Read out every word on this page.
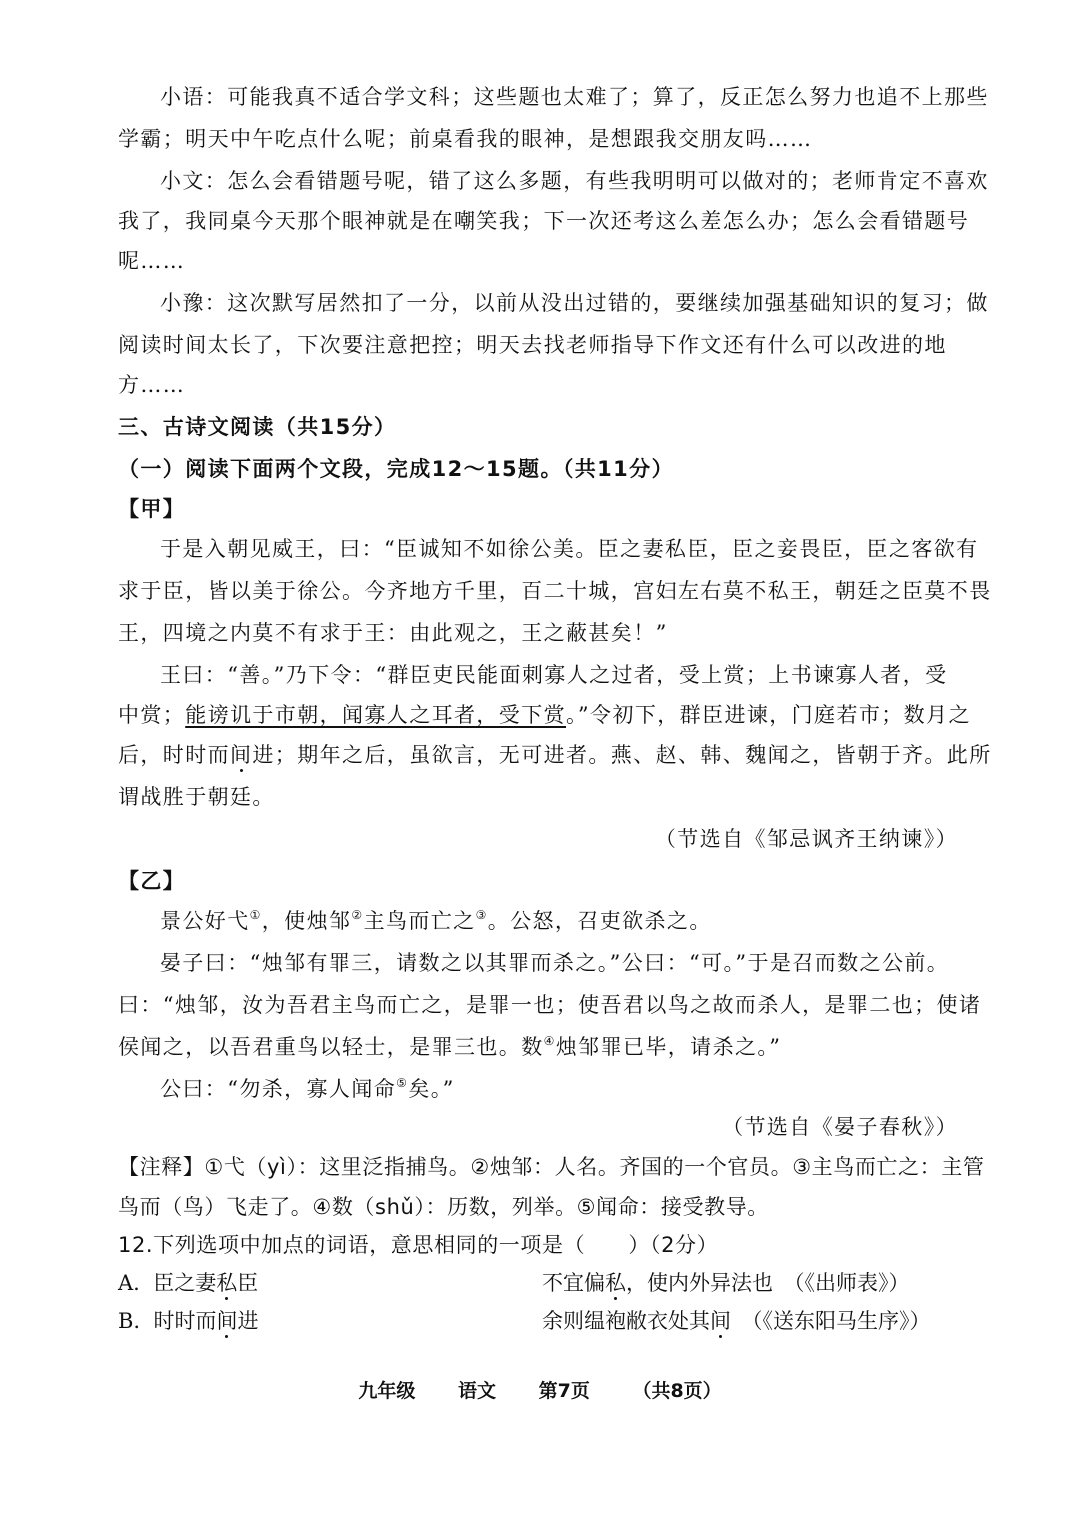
小语：可能我真不适合学文科；这些题也太难了；算了，反正怎么努力也追不上那些
学霸；明天中午吃点什么呢；前桌看我的眼神，是想跟我交朋友吗……
小文：怎么会看错题号呢，错了这么多题，有些我明明可以做对的；老师肯定不喜欢
我了，我同桌今天那个眼神就是在嘲笑我；下一次还考这么差怎么办；怎么会看错题号
呢……
小豫：这次默写居然扣了一分，以前从没出过错的，要继续加强基础知识的复习；做
阅读时间太长了，下次要注意把控；明天去找老师指导下作文还有什么可以改进的地
方……
三、古诗文阅读（共15分）
（一）阅读下面两个文段，完成12～15题。（共11分）
【甲】
于是入朝见威王，曰：“臣诚知不如徐公美。臣之妻私臣，臣之妾畏臣，臣之客欲有
求于臣，皆以美于徐公。今齐地方千里，百二十城，宫妇左右莫不私王，朝廷之臣莫不畏
王，四境之内莫不有求于王：由此观之，王之蔽甚矣！”
王曰：“善。”乃下令：“群臣吏民能面刺寡人之过者，受上赏；上书谏寡人者，受
中赏；能谤讥于市朝，闻寡人之耳者，受下赏。”令初下，群臣进谏，门庭若市；数月之
后，时时而间进；期年之后，虽欲言，无可进者。燕、赵、韩、魏闻之，皆朝于齐。此所
谓战胜于朝廷。
（节选自《邹忌讽齐王纳谏》）
【乙】
景公好弋①，使烛邹②主鸟而亡之③。公怒，召吏欲杀之。
晏子曰：“烛邹有罪三，请数之以其罪而杀之。”公曰：“可。”于是召而数之公前。
曰：“烛邹，汝为吾君主鸟而亡之，是罪一也；使吾君以鸟之故而杀人，是罪二也；使诸
侯闻之，以吾君重鸟以轻士，是罪三也。数④烛邹罪已毕，请杀之。”
公曰：“勿杀，寡人闻命⑤矣。”
（节选自《晏子春秋》）
【注释】①弋（yì）：这里泛指捕鸟。②烛邹：人名。齐国的一个官员。③主鸟而亡之：主管
鸟而（鸟）飞走了。④数（shǔ）：历数，列举。⑤闻命：接受教导。
12.下列选项中加点的词语，意思相同的一项是（　　）（2分）
A. 臣之妻私臣	不宜偏私，使内外异法也　（《出师表》）
B. 时时而间进	余则缊袍敝衣处其间　（《送东阳马生序》）
九年级 语文 第7页 （共8页）
